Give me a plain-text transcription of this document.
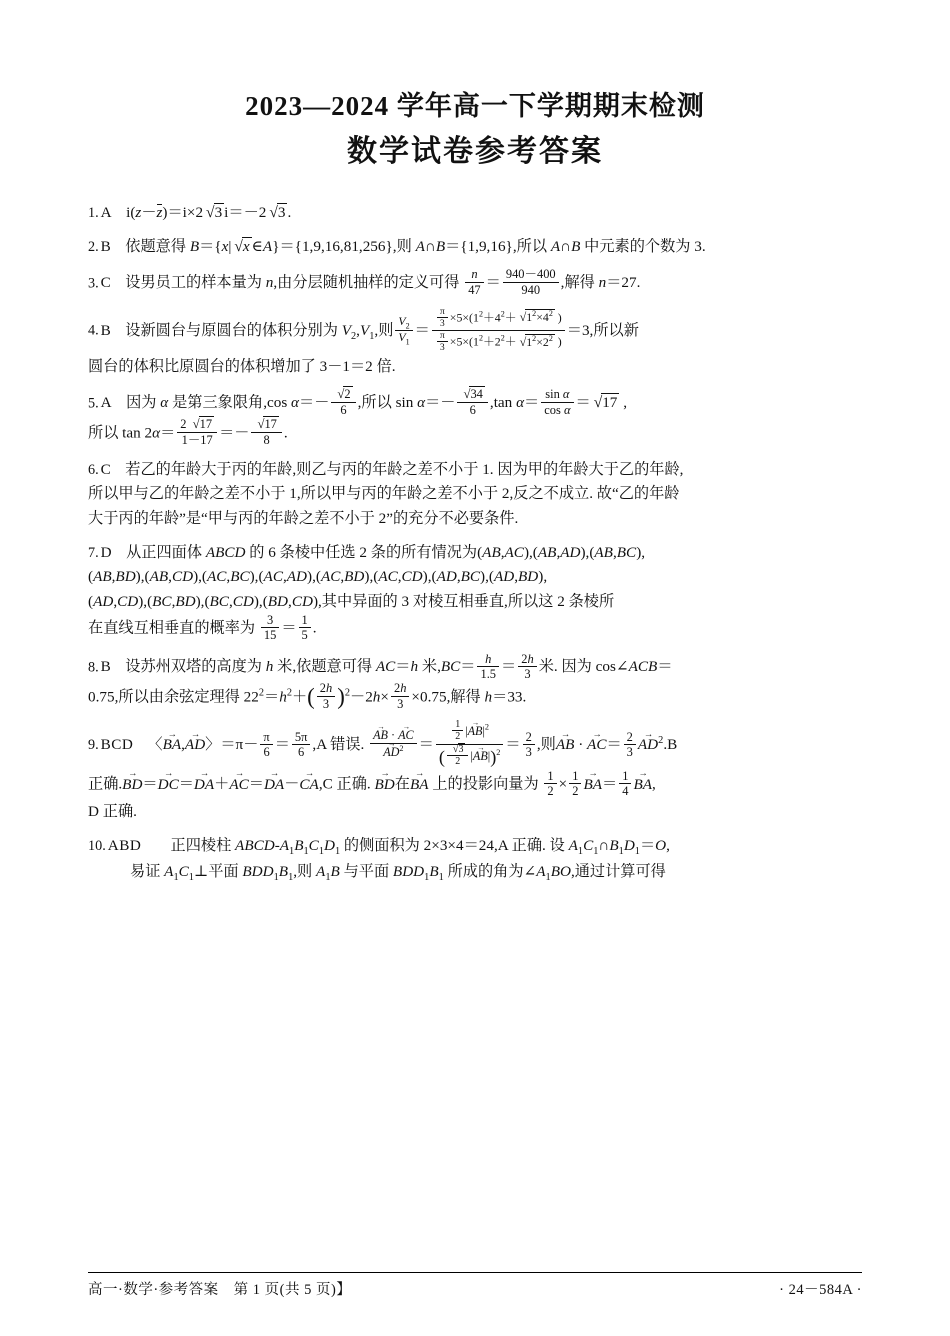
2023—2024 学年高一下学期期末检测
数学试卷参考答案
1. A i(z－z)＝i×2 √3 i＝－2 √3 .
2. B 依题意得 B＝{x| √x ∈A}＝{1,9,16,81,256},则 A∩B＝{1,9,16},所以 A∩B 中元素的个数为 3.
3. C 设男员工的样本量为 n,由分层随机抽样的定义可得 $\frac{n}{47} = \frac{940-400}{940}$ ,解得 n＝27.
4. B 设新圆台与原圆台的体积分别为 $V_2,V_1$,则 $\frac{V_2}{V_1} = \frac{\frac{\pi}{3} \times 5\times(1^2+4^2+ √1^2\times 4^2 )}{\frac{\pi}{3} \times 5\times(1^2+2^2+ √1^2\times 2^2 )} =3$,所以新
圆台的体积比原圆台的体积增加了 3－1＝2 倍.
5. A 因为 α 是第三象限角,cos $\alpha=- \frac{√2}{6}$ ,所以 $\sin \alpha=- \frac{√34}{6} ,\tan$ $\alpha= \frac{\text{sin α}}{\text{cos α}} = √17$ ,
所以 $\tan 2\alpha= \frac{2 √17}{1-17} =- \frac{√17}{8}$ .
6. C 若乙的年龄大于丙的年龄,则乙与丙的年龄之差不小于 1. 因为甲的年龄大于乙的年龄,
所以甲与乙的年龄之差不小于 1,所以甲与丙的年龄之差不小于 2,反之不成立. 故“乙的年龄
大于丙的年龄”是“甲与丙的年龄之差不小于 2”的充分不必要条件.
7. D 从正四面体 ABCD 的 6 条棱中任选 2 条的所有情况为(AB,AC),(AB,AD),(AB,BC),
(AB,BD),(AB,CD),(AC,BC),(AC,AD),(AC,BD),(AC,CD),(AD,BC),(AD,BD),
(AD,CD),(BC,BD),(BC,CD),(BD,CD),其中异面的 3 对棱互相垂直,所以这 2 条棱所
在直线互相垂直的概率为 $\frac{3}{15} = \frac{1}{5}$ .
8. B 设苏州双塔的高度为 h 米,依题意可得 AC＝h 米$,BC= \frac{h}{1.5} = \frac{2h}{3}$ 米. 因为 cos∠ACB＝
0.75,所以由余弦定理得 $22^2=h^2+( \frac{2h}{3} )^2-2h\times \frac{2h}{3} \times 0.75$,解得 h＝33.
9. BCD 〈→ BA,→ AD〉$=\pi- \frac{\pi}{6} = \frac{5\pi}{6} ,A$ 错误. → AB · → AC
→ $AD^2 = \frac{\frac{1}{2} |\to AB|^2}{( \frac{√3}{2} |\to AB|)^2} = \frac{2}{3}$ ,则→ AB · → $AC= \frac{2}{3} \to AD^2.B$
正确.→ BD＝→ DC＝→ DA＋→ AC＝→ DA－→ CA,C 正确. → BD在→ BA 上的投影向量为 $\frac{1}{2} \times \frac{1}{2} \to BA= \frac{1}{4}$ → BA,
D 正确.
10. ABD　正四棱柱 ABCD-$A_1B_1C_1D_1$ 的侧面积为 2×3×4＝24,A 正确. 设 $A_1C_1\cap B_1D_1=O$,
易证 $A_1C_1\perp$平面 $BDD_1B_1$,则 $A_1B$ 与平面 $BDD_1B_1$ 所成的角为$\angle A_1BO$,通过计算可得
高一·数学·参考答案　第 1 页(共 5 页)】	· 24－584A ·
